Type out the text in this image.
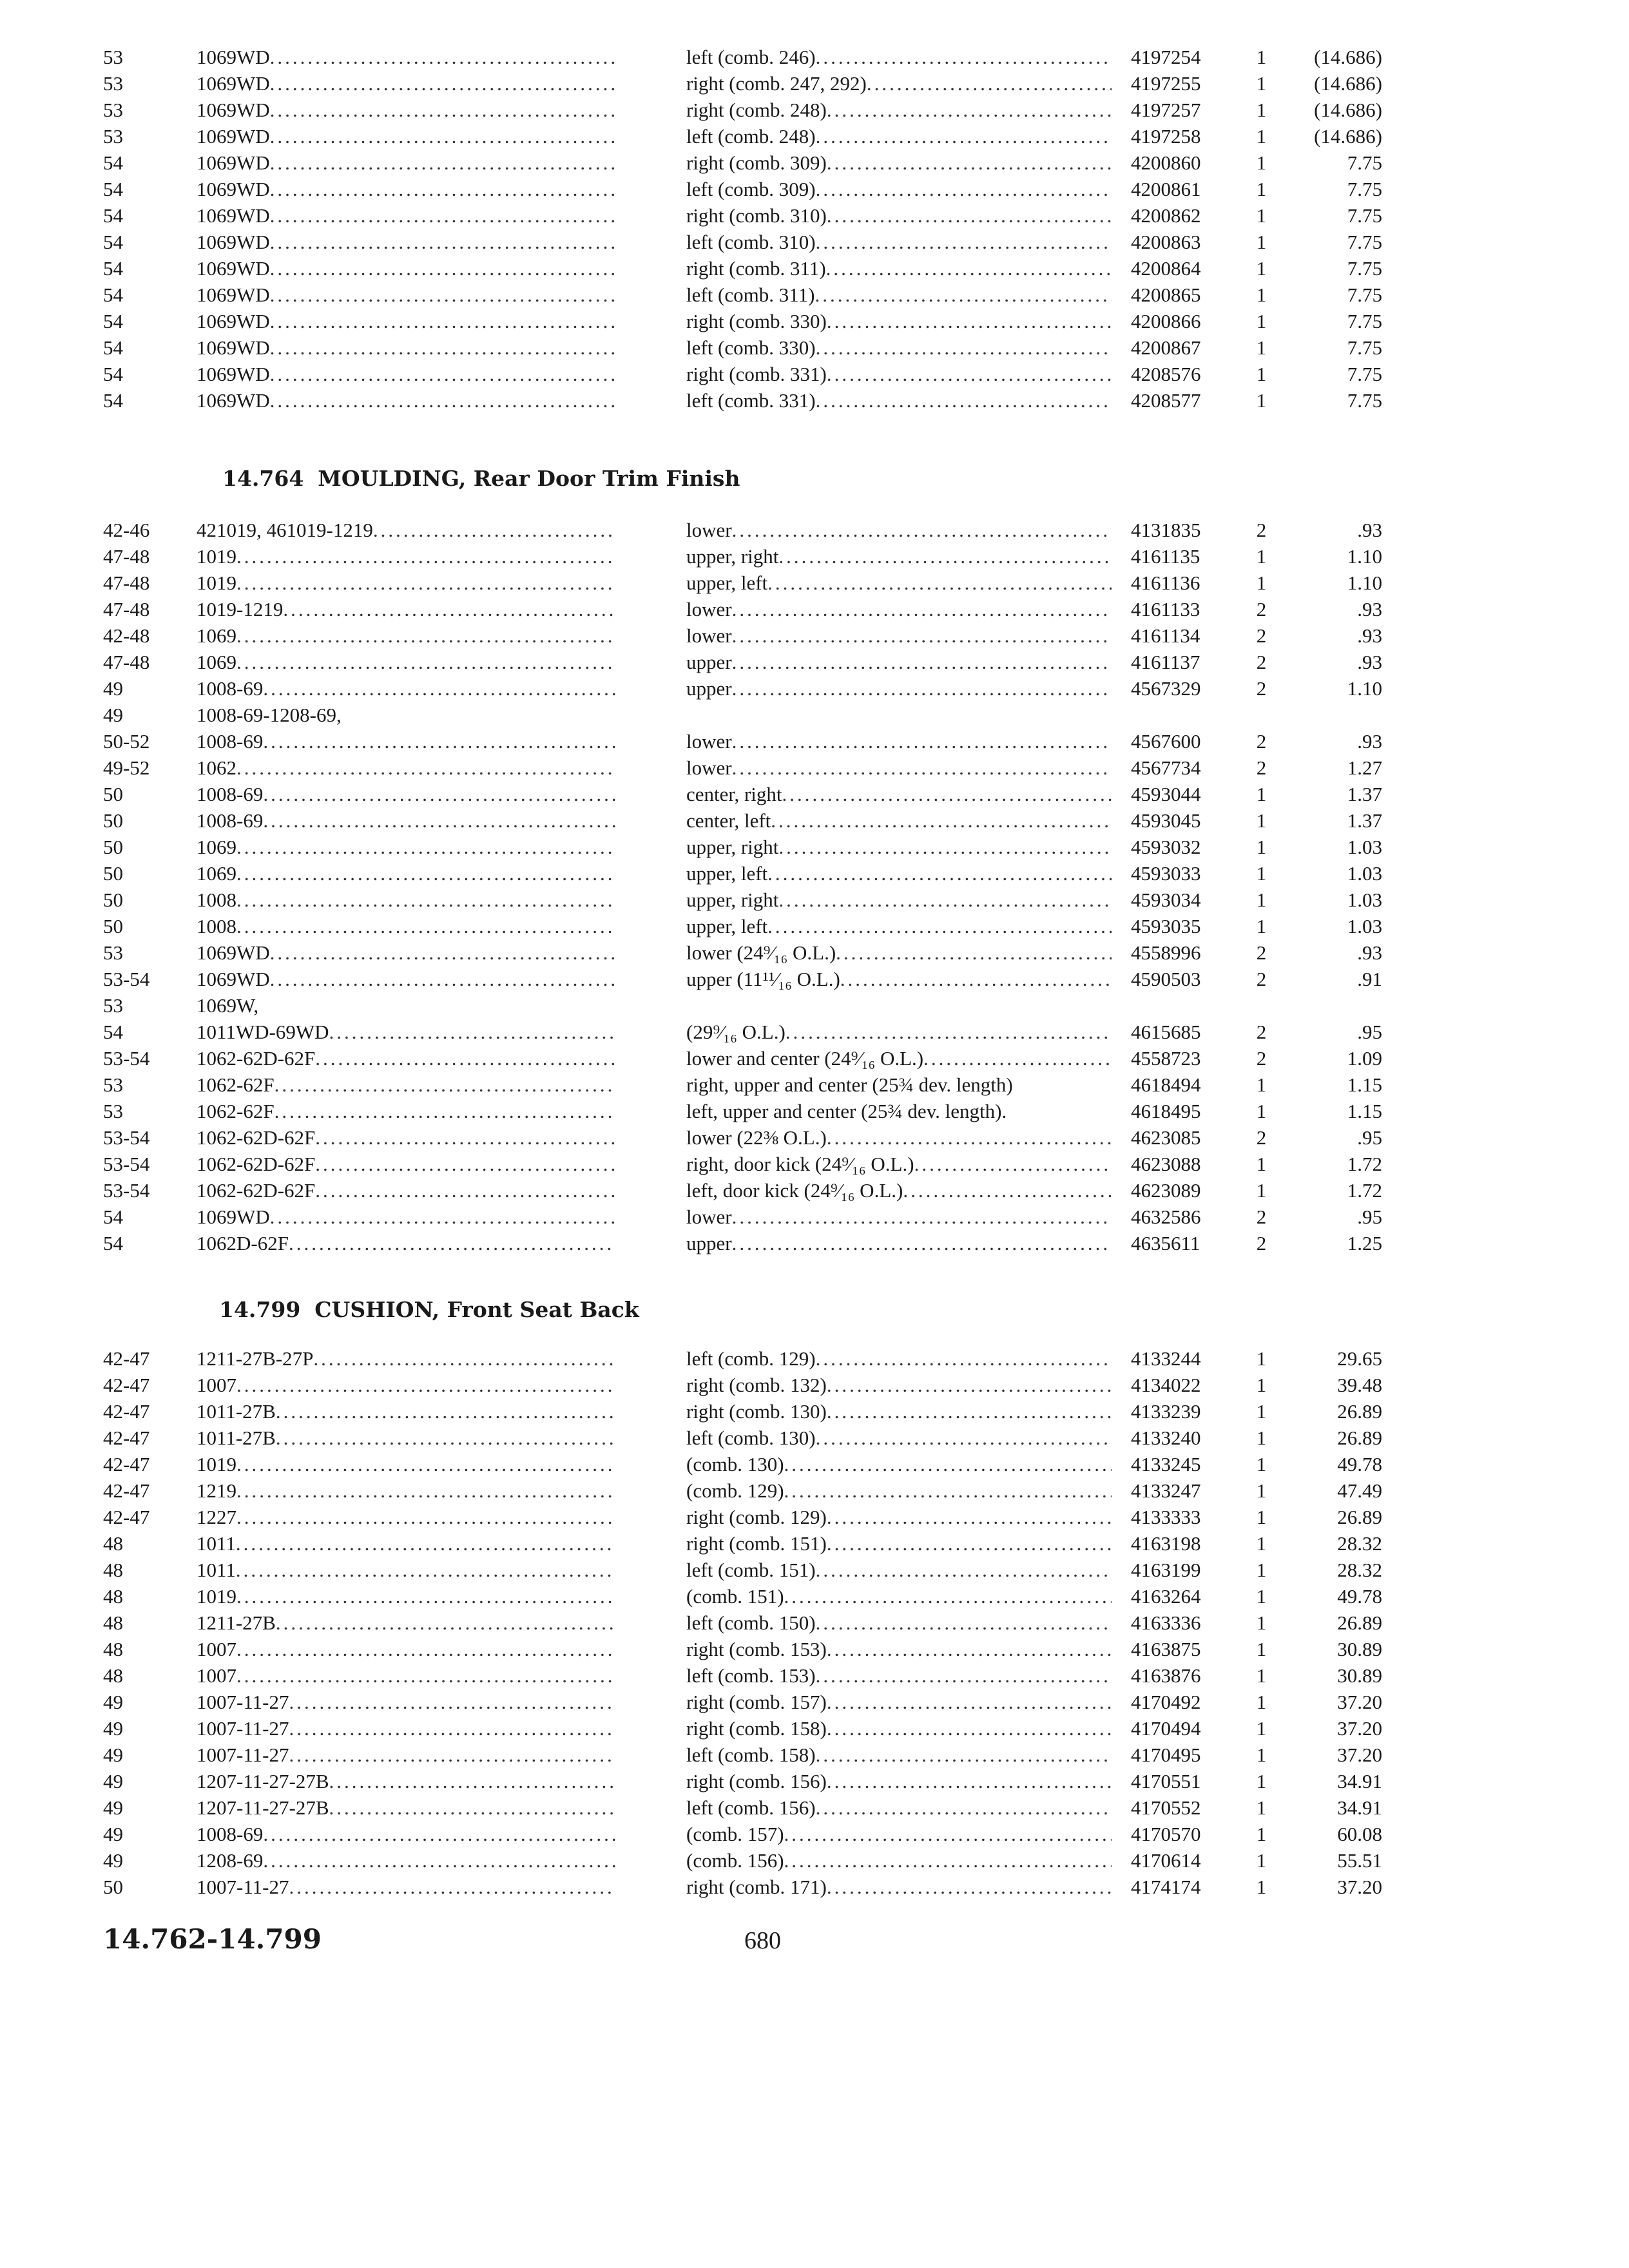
53	1069WD .....	left (comb. 246) .....	4197254	1	(14.686)
53	1069WD .....	right (comb. 247, 292) .....	4197255	1	(14.686)
53	1069WD .....	right (comb. 248) .....	4197257	1	(14.686)
53	1069WD .....	left (comb. 248) .....	4197258	1	(14.686)
54	1069WD .....	right (comb. 309) .....	4200860	1	7.75
54	1069WD .....	left (comb. 309) .....	4200861	1	7.75
54	1069WD .....	right (comb. 310) .....	4200862	1	7.75
54	1069WD .....	left (comb. 310) .....	4200863	1	7.75
54	1069WD .....	right (comb. 311) .....	4200864	1	7.75
54	1069WD .....	left (comb. 311) .....	4200865	1	7.75
54	1069WD .....	right (comb. 330) .....	4200866	1	7.75
54	1069WD .....	left (comb. 330) .....	4200867	1	7.75
54	1069WD .....	right (comb. 331) .....	4208576	1	7.75
54	1069WD .....	left (comb. 331) .....	4208577	1	7.75
14.764 MOULDING, Rear Door Trim Finish
42-46	421019, 461019-1219 .....	lower .....	4131835	2	.93
47-48	1019 .....	upper, right .....	4161135	1	1.10
47-48	1019 .....	upper, left .....	4161136	1	1.10
47-48	1019-1219 .....	lower .....	4161133	2	.93
42-48	1069 .....	lower .....	4161134	2	.93
47-48	1069 .....	upper .....	4161137	2	.93
49	1008-69 .....	upper .....	4567329	2	1.10
49	1008-69-1208-69,
50-52	1008-69 .....	lower .....	4567600	2	.93
49-52	1062 .....	lower .....	4567734	2	1.27
50	1008-69 .....	center, right .....	4593044	1	1.37
50	1008-69 .....	center, left .....	4593045	1	1.37
50	1069 .....	upper, right .....	4593032	1	1.03
50	1069 .....	upper, left .....	4593033	1	1.03
50	1008 .....	upper, right .....	4593034	1	1.03
50	1008 .....	upper, left .....	4593035	1	1.03
53	1069WD .....	lower (24⁹⁄₁₆ O.L.) .....	4558996	2	.93
53-54	1069WD .....	upper (11¹¹⁄₁₆ O.L.) .....	4590503	2	.91
53	1069W,
54	1011WD-69WD .....	(29⁹⁄₁₆ O.L.) .....	4615685	2	.95
53-54	1062-62D-62F .....	lower and center (24⁹⁄₁₆ O.L.) .....	4558723	2	1.09
53	1062-62F .....	right, upper and center (25¾ dev. length)	4618494	1	1.15
53	1062-62F .....	left, upper and center (25¾ dev. length).	4618495	1	1.15
53-54	1062-62D-62F .....	lower (22⅜ O.L.) .....	4623085	2	.95
53-54	1062-62D-62F .....	right, door kick (24⁹⁄₁₆ O.L.) .....	4623088	1	1.72
53-54	1062-62D-62F .....	left, door kick (24⁹⁄₁₆ O.L.) .....	4623089	1	1.72
54	1069WD .....	lower .....	4632586	2	.95
54	1062D-62F .....	upper .....	4635611	2	1.25
14.799 CUSHION, Front Seat Back
42-47	1211-27B-27P .....	left (comb. 129) .....	4133244	1	29.65
42-47	1007 .....	right (comb. 132) .....	4134022	1	39.48
42-47	1011-27B .....	right (comb. 130) .....	4133239	1	26.89
42-47	1011-27B .....	left (comb. 130) .....	4133240	1	26.89
42-47	1019 .....	(comb. 130) .....	4133245	1	49.78
42-47	1219 .....	(comb. 129) .....	4133247	1	47.49
42-47	1227 .....	right (comb. 129) .....	4133333	1	26.89
48	1011 .....	right (comb. 151) .....	4163198	1	28.32
48	1011 .....	left (comb. 151) .....	4163199	1	28.32
48	1019 .....	(comb. 151) .....	4163264	1	49.78
48	1211-27B .....	left (comb. 150) .....	4163336	1	26.89
48	1007 .....	right (comb. 153) .....	4163875	1	30.89
48	1007 .....	left (comb. 153) .....	4163876	1	30.89
49	1007-11-27 .....	right (comb. 157) .....	4170492	1	37.20
49	1007-11-27 .....	right (comb. 158) .....	4170494	1	37.20
49	1007-11-27 .....	left (comb. 158) .....	4170495	1	37.20
49	1207-11-27-27B .....	right (comb. 156) .....	4170551	1	34.91
49	1207-11-27-27B .....	left (comb. 156) .....	4170552	1	34.91
49	1008-69 .....	(comb. 157) .....	4170570	1	60.08
49	1208-69 .....	(comb. 156) .....	4170614	1	55.51
50	1007-11-27 .....	right (comb. 171) .....	4174174	1	37.20
14.762-14.799	680
